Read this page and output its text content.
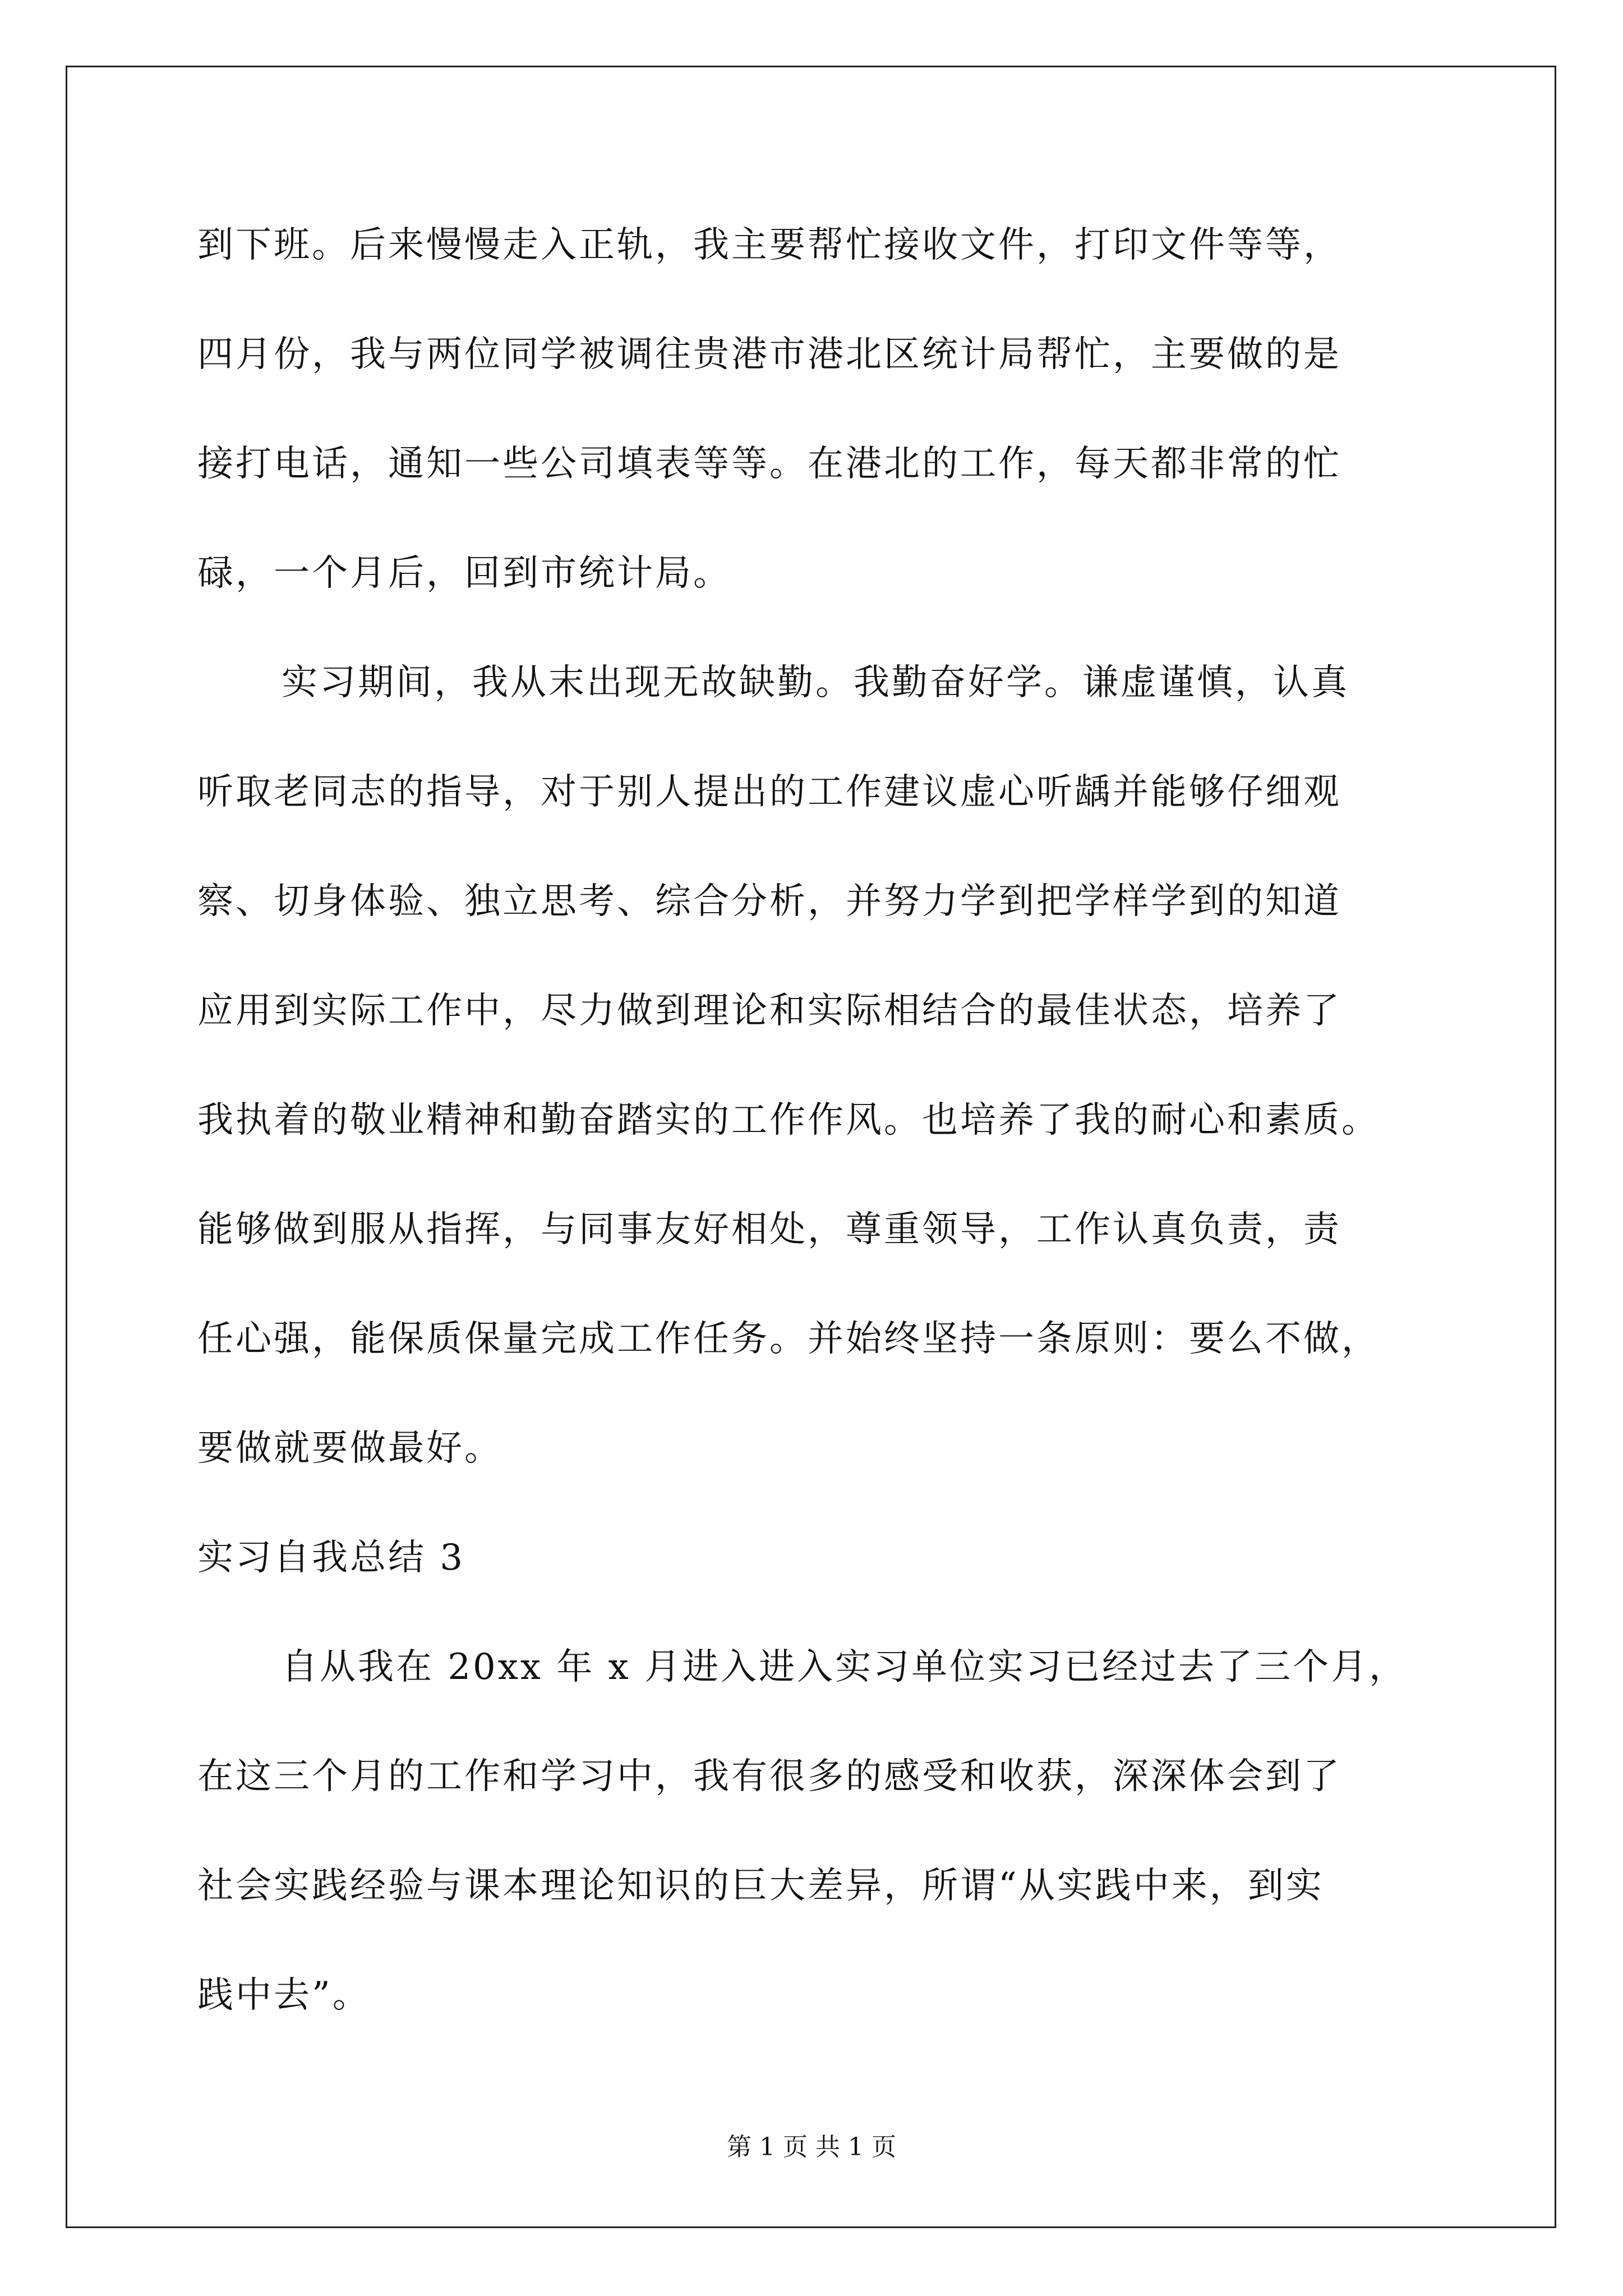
到下班。后来慢慢走入正轨，我主要帮忙接收文件，打印文件等等，
四月份，我与两位同学被调往贵港市港北区统计局帮忙，主要做的是
接打电话，通知一些公司填表等等。在港北的工作，每天都非常的忙
碌，一个月后，回到市统计局。
实习期间，我从末出现无故缺勤。我勤奋好学。谦虚谨慎，认真
听取老同志的指导，对于别人提出的工作建议虚心听龋并能够仔细观
察、切身体验、独立思考、综合分析，并努力学到把学样学到的知道
应用到实际工作中，尽力做到理论和实际相结合的最佳状态，培养了
我执着的敬业精神和勤奋踏实的工作作风。也培养了我的耐心和素质。
能够做到服从指挥，与同事友好相处，尊重领导，工作认真负责，责
任心强，能保质保量完成工作任务。并始终坚持一条原则：要么不做，
要做就要做最好。
实习自我总结 3
自从我在 20xx 年 x 月进入进入实习单位实习已经过去了三个月，
在这三个月的工作和学习中，我有很多的感受和收获，深深体会到了
社会实践经验与课本理论知识的巨大差异，所谓“从实践中来，到实
践中去”。
第 1 页 共 1 页
